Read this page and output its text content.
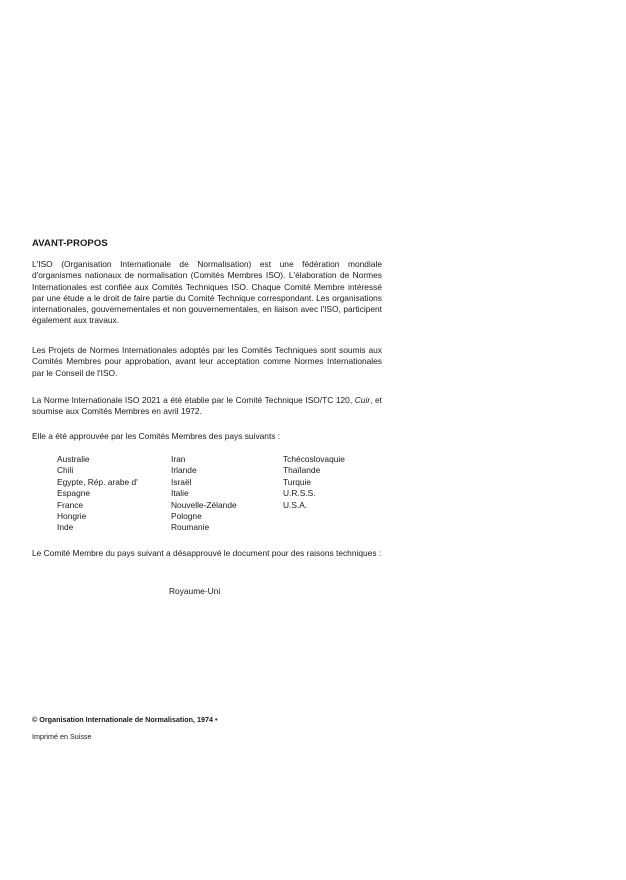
AVANT-PROPOS

L'ISO (Organisation Internationale de Normalisation) est une fédération mondiale d'organismes nationaux de normalisation (Comités Membres ISO). L'élaboration de Normes Internationales est confiée aux Comités Techniques ISO. Chaque Comité Membre intéressé par une étude a le droit de faire partie du Comité Technique correspondant. Les organisations internationales, gouvernementales et non gouvernementales, en liaison avec l'ISO, participent également aux travaux.

Les Projets de Normes Internationales adoptés par les Comités Techniques sont soumis aux Comités Membres pour approbation, avant leur acceptation comme Normes Internationales par le Conseil de l'ISO.

La Norme Internationale ISO 2021 a été établie par le Comité Technique ISO/TC 120, Cuir, et soumise aux Comités Membres en avril 1972.

Elle a été approuvée par les Comités Membres des pays suivants :

Australie
Chili
Egypte, Rép. arabe d'
Espagne
France
Hongrie
Inde
Iran
Irlande
Israël
Italie
Nouvelle-Zélande
Pologne
Roumanie
Tchécoslovaquie
Thaïlande
Turquie
U.R.S.S.
U.S.A.

Le Comité Membre du pays suivant a désapprouvé le document pour des raisons techniques :

Royaume-Uni
© Organisation Internationale de Normalisation, 1974 •
Imprimé en Suisse
